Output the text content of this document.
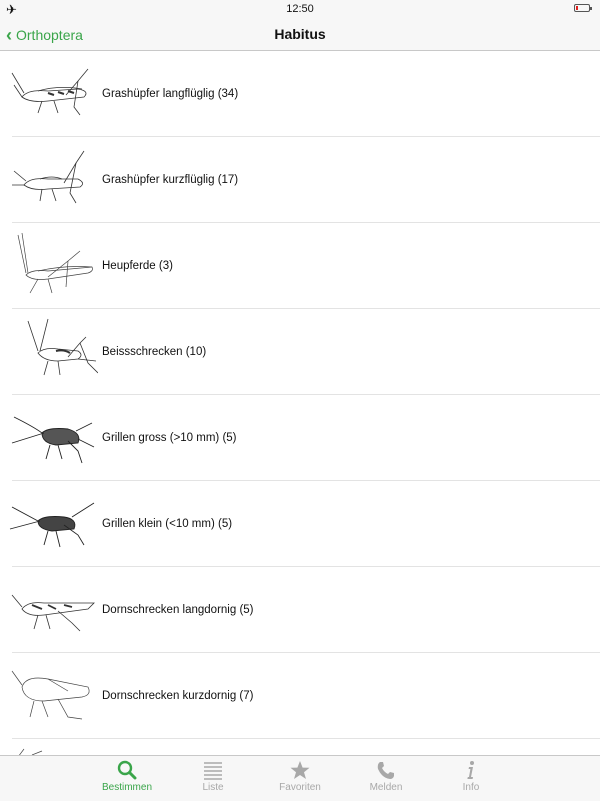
✈	12:50
‹ Orthoptera	Habitus
Grashüpfer langflüglig (34)
Grashüpfer kurzflüglig (17)
Heupferde (3)
Beissschrecken (10)
Grillen gross (>10 mm) (5)
Grillen klein (<10 mm) (5)
Dornschrecken langdornig (5)
Dornschrecken kurzdornig (7)
Bestimmen	Liste	Favoriten	Melden	Info
